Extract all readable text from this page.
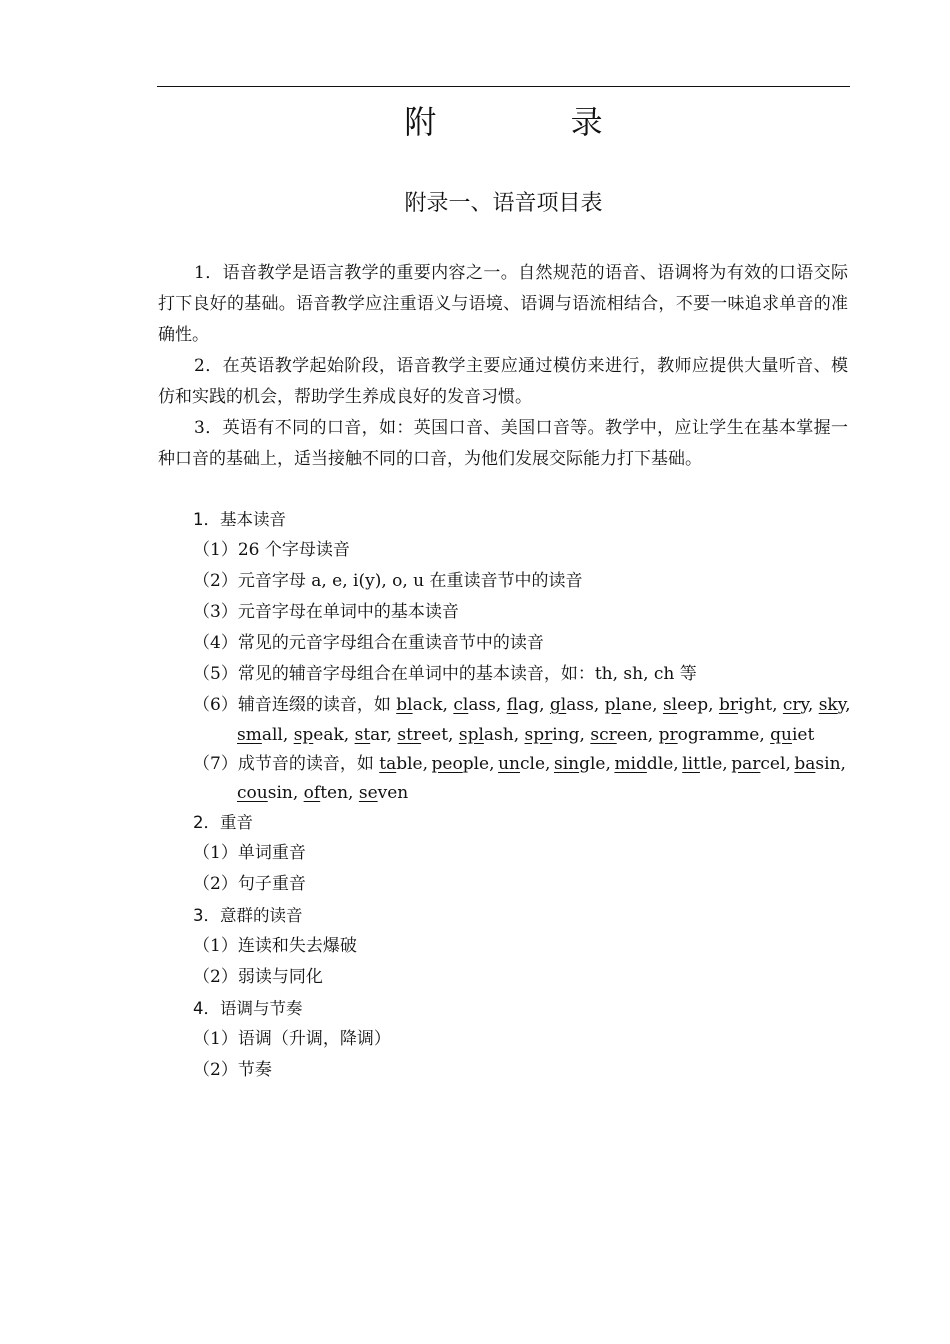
附 录
附录一、语音项目表
1．语音教学是语言教学的重要内容之一。自然规范的语音、语调将为有效的口语交际打下良好的基础。语音教学应注重语义与语境、语调与语流相结合，不要一味追求单音的准确性。
2．在英语教学起始阶段，语音教学主要应通过模仿来进行，教师应提供大量听音、模仿和实践的机会，帮助学生养成良好的发音习惯。
3．英语有不同的口音，如：英国口音、美国口音等。教学中，应让学生在基本掌握一种口音的基础上，适当接触不同的口音，为他们发展交际能力打下基础。
1．基本读音
（1）26 个字母读音
（2）元音字母 a, e, i(y), o, u 在重读音节中的读音
（3）元音字母在单词中的基本读音
（4）常见的元音字母组合在重读音节中的读音
（5）常见的辅音字母组合在单词中的基本读音，如：th, sh, ch 等
（6）辅音连缀的读音，如 black, class, flag, glass, plane, sleep, bright, cry, sky,
small, speak, star, street, splash, spring, screen, programme, quiet
（7）成节音的读音，如 table, people, uncle, single, middle, little, parcel, basin,
cousin, often, seven
2．重音
（1）单词重音
（2）句子重音
3．意群的读音
（1）连读和失去爆破
（2）弱读与同化
4．语调与节奏
（1）语调（升调，降调）
（2）节奏
